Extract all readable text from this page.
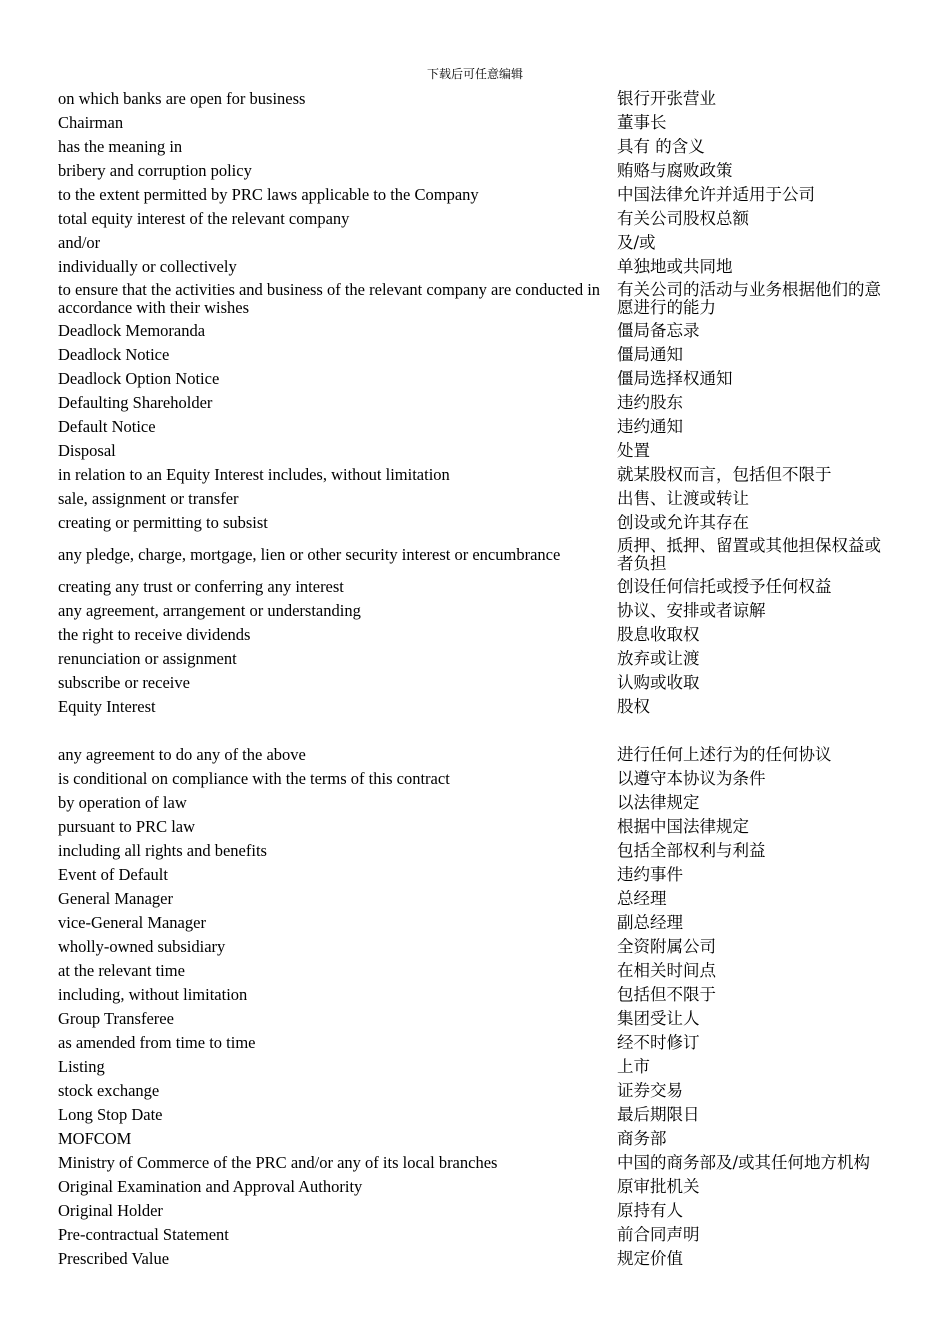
下载后可任意编辑
on which banks are open for business	银行开张营业
Chairman	董事长
has the meaning in	具有 的含义
bribery and corruption policy	贿赂与腐败政策
to the extent permitted by PRC laws applicable to the Company	中国法律允许并适用于公司
total equity interest of the relevant company	有关公司股权总额
and/or	及/或
individually or collectively	单独地或共同地
to ensure that the activities and business of the relevant company are conducted in accordance with their wishes	有关公司的活动与业务根据他们的意愿进行的能力
Deadlock Memoranda	僵局备忘录
Deadlock Notice	僵局通知
Deadlock Option Notice	僵局选择权通知
Defaulting Shareholder	违约股东
Default Notice	违约通知
Disposal	处置
in relation to an Equity Interest includes, without limitation	就某股权而言，包括但不限于
sale, assignment or transfer	出售、让渡或转让
creating or permitting to subsist	创设或允许其存在
any pledge, charge, mortgage, lien or other security interest or encumbrance	质押、抵押、留置或其他担保权益或者负担
creating any trust or conferring any interest	创设任何信托或授予任何权益
any agreement, arrangement or understanding	协议、安排或者谅解
the right to receive dividends	股息收取权
renunciation or assignment	放弃或让渡
subscribe or receive	认购或收取
Equity Interest	股权

any agreement to do any of the above	进行任何上述行为的任何协议
is conditional on compliance with the terms of this contract	以遵守本协议为条件
by operation of law	以法律规定
pursuant to PRC law	根据中国法律规定
including all rights and benefits	包括全部权利与利益
Event of Default	违约事件
General Manager	总经理
vice-General Manager	副总经理
wholly-owned subsidiary	全资附属公司
at the relevant time	在相关时间点
including, without limitation	包括但不限于
Group Transferee	集团受让人
as amended from time to time	经不时修订
Listing	上市
stock exchange	证券交易
Long Stop Date	最后期限日
MOFCOM	商务部
Ministry of Commerce of the PRC and/or any of its local branches	中国的商务部及/或其任何地方机构
Original Examination and Approval Authority	原审批机关
Original Holder	原持有人
Pre-contractual Statement	前合同声明
Prescribed Value	规定价值
